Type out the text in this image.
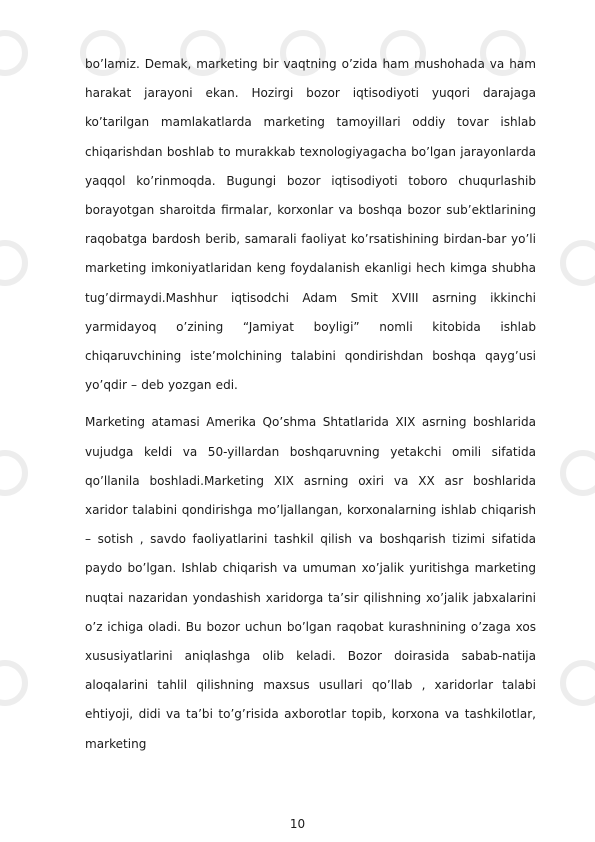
bo’lamiz. Demak, marketing bir vaqtning o’zida ham mushohada va ham harakat jarayoni ekan. Hozirgi bozor iqtisodiyoti yuqori darajaga ko’tarilgan mamlakatlarda marketing tamoyillari oddiy tovar ishlab chiqarishdan boshlab to murakkab texnologiyagacha bo’lgan jarayonlarda yaqqol ko’rinmoqda. Bugungi bozor iqtisodiyoti toboro chuqurlashib borayotgan sharoitda firmalar, korxonlar va boshqa bozor sub’ektlarining raqobatga bardosh berib, samarali faoliyat ko’rsatishining birdan-bar yo’li marketing imkoniyatlaridan keng foydalanish ekanligi hech kimga shubha tug’dirmaydi.Mashhur iqtisodchi Adam Smit XVIII asrning ikkinchi yarmidayoq o’zining “Jamiyat boyligi” nomli kitobida ishlab chiqaruvchining iste’molchining talabini qondirishdan boshqa qayg’usi yo’qdir – deb yozgan edi.

Marketing atamasi Amerika Qo’shma Shtatlarida XIX asrning boshlarida vujudga keldi va 50-yillardan boshqaruvning yetakchi omili sifatida qo’llanila boshladi.Marketing XIX asrning oxiri va XX asr boshlarida xaridor talabini qondirishga mo’ljallangan, korxonalarning ishlab chiqarish – sotish , savdo faoliyatlarini tashkil qilish va boshqarish tizimi sifatida paydo bo’lgan. Ishlab chiqarish va umuman xo’jalik yuritishga marketing nuqtai nazaridan yondashish xaridorga ta’sir qilishning xo’jalik jabxalarini o’z ichiga oladi. Bu bozor uchun bo’lgan raqobat kurashnining o’zaga xos xususiyatlarini aniqlashga olib keladi. Bozor doirasida sabab-natija aloqalarini tahlil qilishning maxsus usullari qo’llab , xaridorlar talabi ehtiyoji, didi va ta’bi to’g’risida axborotlar topib, korxona va tashkilotlar, marketing

10
